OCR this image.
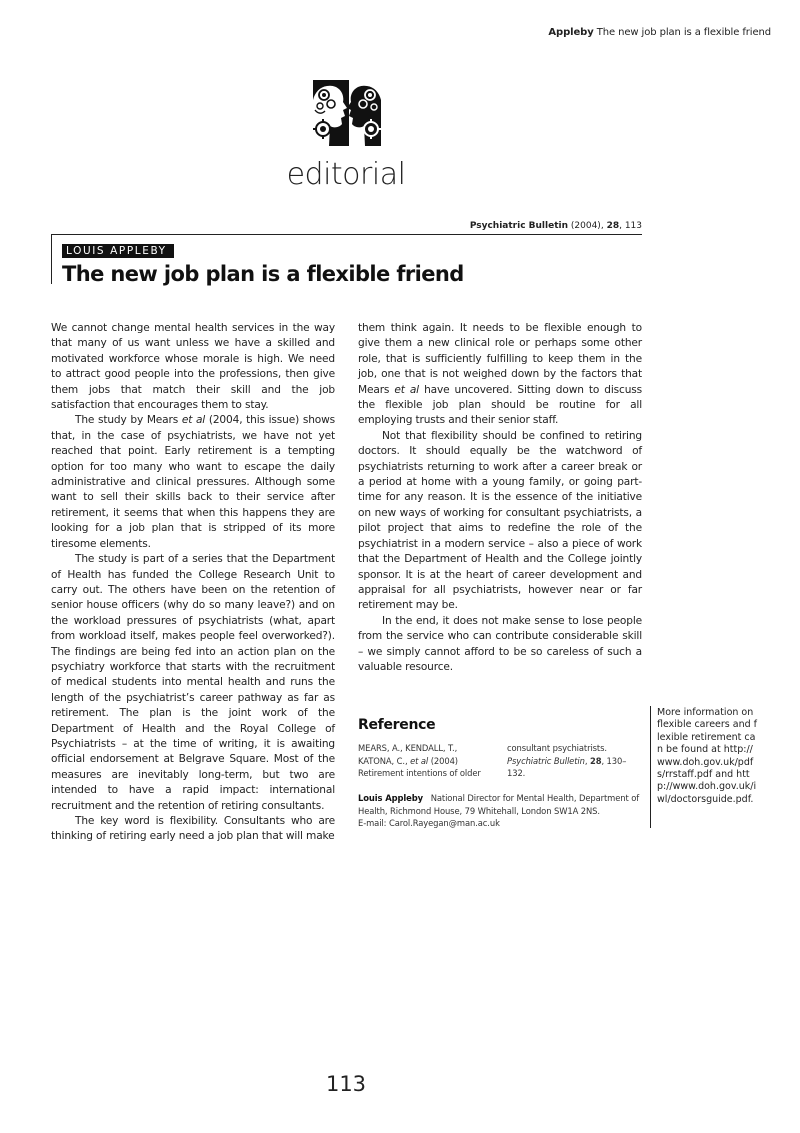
Appleby The new job plan is a flexible friend
editorial
Psychiatric Bulletin (2004), 28, 113
LOUIS APPLEBY
The new job plan is a flexible friend

We cannot change mental health services in the way that many of us want unless we have a skilled and motivated workforce whose morale is high. We need to attract good people into the professions, then give them jobs that match their skill and the job satisfaction that encourages them to stay.

The study by Mears et al (2004, this issue) shows that, in the case of psychiatrists, we have not yet reached that point. Early retirement is a tempting option for too many who want to escape the daily administrative and clinical pressures. Although some want to sell their skills back to their service after retirement, it seems that when this happens they are looking for a job plan that is stripped of its more tiresome elements.

The study is part of a series that the Department of Health has funded the College Research Unit to carry out. The others have been on the retention of senior house officers (why do so many leave?) and on the workload pressures of psychiatrists (what, apart from workload itself, makes people feel overworked?). The findings are being fed into an action plan on the psychiatry workforce that starts with the recruitment of medical students into mental health and runs the length of the psychiatrist’s career pathway as far as retirement. The plan is the joint work of the Department of Health and the Royal College of Psychiatrists – at the time of writing, it is awaiting official endorsement at Belgrave Square. Most of the measures are inevitably long-term, but two are intended to have a rapid impact: international recruitment and the retention of retiring consultants.

The key word is flexibility. Consultants who are thinking of retiring early need a job plan that will make

them think again. It needs to be flexible enough to give them a new clinical role or perhaps some other role, that is sufficiently fulfilling to keep them in the job, one that is not weighed down by the factors that Mears et al have uncovered. Sitting down to discuss the flexible job plan should be routine for all employing trusts and their senior staff.

Not that flexibility should be confined to retiring doctors. It should equally be the watchword of psychiatrists returning to work after a career break or a period at home with a young family, or going part-time for any reason. It is the essence of the initiative on new ways of working for consultant psychiatrists, a pilot project that aims to redefine the role of the psychiatrist in a modern service – also a piece of work that the Department of Health and the College jointly sponsor. It is at the heart of career development and appraisal for all psychiatrists, however near or far retirement may be.

In the end, it does not make sense to lose people from the service who can contribute considerable skill – we simply cannot afford to be so careless of such a valuable resource.

Reference
MEARS, A., KENDALL, T., KATONA, C., et al (2004) Retirement intentions of older consultant psychiatrists. Psychiatric Bulletin, 28, 130–132.
Louis Appleby National Director for Mental Health, Department of Health, Richmond House, 79 Whitehall, London SW1A 2NS.
E-mail: Carol.Rayegan@man.ac.uk
More information on flexible careers and flexible retirement can be found at http://www.doh.gov.uk/pdfs/rrstaff.pdf and http://www.doh.gov.uk/iwl/doctorsguide.pdf.
113
